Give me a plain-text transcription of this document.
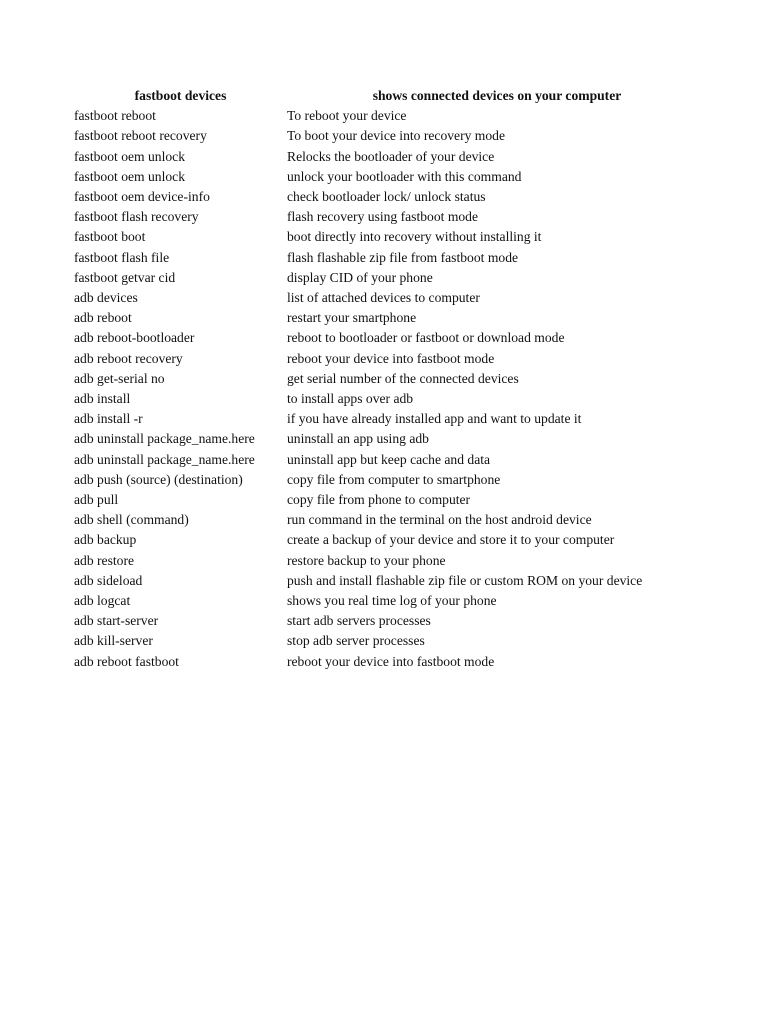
fastboot devices	shows connected devices on your computer
fastboot reboot	To reboot your device
fastboot reboot recovery	To boot your device into recovery mode
fastboot oem unlock	Relocks the bootloader of your device
fastboot oem unlock	unlock your bootloader with this command
fastboot oem device-info	check bootloader lock/ unlock status
fastboot flash recovery	flash recovery using fastboot mode
fastboot boot	boot directly into recovery without installing it
fastboot flash file	flash flashable zip file from fastboot mode
fastboot getvar cid	display CID of your phone
adb devices	list of attached devices to computer
adb reboot	restart your smartphone
adb reboot-bootloader	reboot to bootloader or fastboot or download mode
adb reboot recovery	reboot your device into fastboot mode
adb get-serial no	get serial number of the connected devices
adb install	to install apps over adb
adb install -r	if you have already installed app and want to update it
adb uninstall package_name.here	uninstall an app using adb
adb uninstall package_name.here	uninstall app but keep cache and data
adb push (source) (destination)	copy file from computer to smartphone
adb pull	copy file from phone to computer
adb shell (command)	run command in the terminal on the host android device
adb backup	create a backup of your device and store it to your computer
adb restore	restore backup to your phone
adb sideload	push and install flashable zip file or custom ROM on your device
adb logcat	shows you real time log of your phone
adb start-server	start adb servers processes
adb kill-server	stop adb server processes
adb reboot fastboot	reboot your device into fastboot mode
